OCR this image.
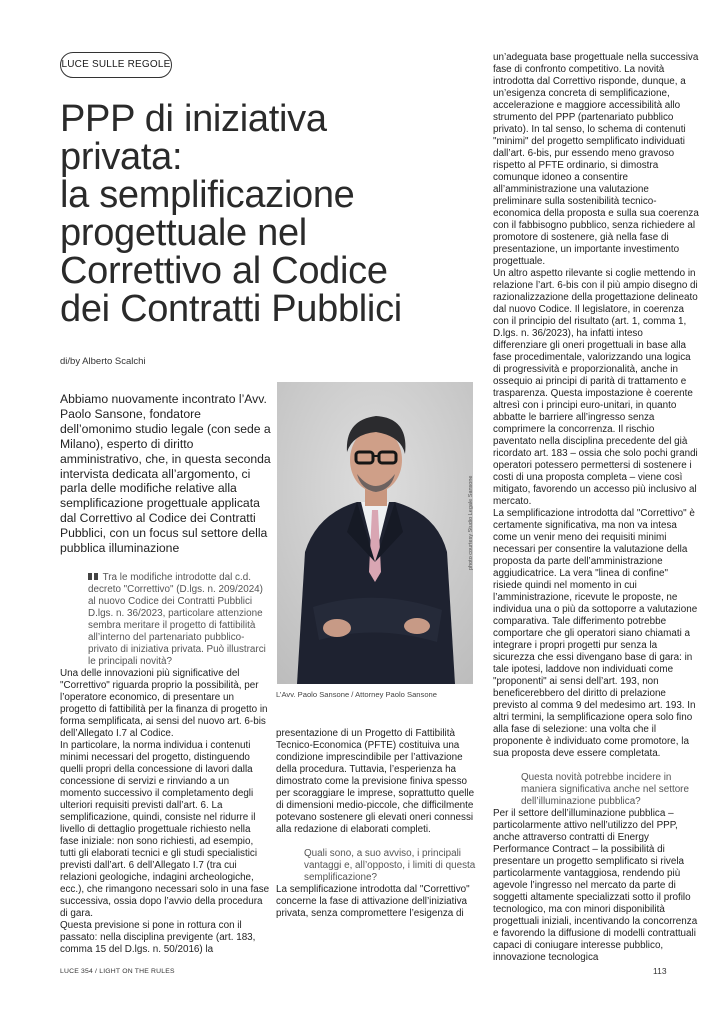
LUCE SULLE REGOLE
PPP di iniziativa
privata:
la semplificazione
progettuale nel
Correttivo al Codice
dei Contratti Pubblici
di/by Alberto Scalchi
Abbiamo nuovamente incontrato l’Avv. Paolo Sansone, fondatore dell’omonimo studio legale (con sede a Milano), esperto di diritto amministrativo, che, in questa seconda intervista dedicata all’argomento, ci parla delle modifiche relative alla semplificazione progettuale applicata dal Correttivo al Codice dei Contratti Pubblici, con un focus sul settore della pubblica illuminazione	photo courtesy Studio Legale Sansone
L’Avv. Paolo Sansone / Attorney Paolo Sansone

Tra le modifiche introdotte dal c.d. decreto "Correttivo" (D.lgs. n. 209/2024) al nuovo Codice dei Contratti Pubblici D.lgs. n. 36/2023, particolare attenzione sembra meritare il progetto di fattibilità all’interno del partenariato pubblico-privato di iniziativa privata. Può illustrarci le principali novità?

Una delle innovazioni più significative del "Correttivo" riguarda proprio la possibilità, per l’operatore economico, di presentare un progetto di fattibilità per la finanza di progetto in forma semplificata, ai sensi del nuovo art. 6-bis dell’Allegato I.7 al Codice.

In particolare, la norma individua i contenuti minimi necessari del progetto, distinguendo quelli propri della concessione di lavori dalla concessione di servizi e rinviando a un momento successivo il completamento degli ulteriori requisiti previsti dall’art. 6. La semplificazione, quindi, consiste nel ridurre il livello di dettaglio progettuale richiesto nella fase iniziale: non sono richiesti, ad esempio, tutti gli elaborati tecnici e gli studi specialistici previsti dall’art. 6 dell’Allegato I.7 (tra cui relazioni geologiche, indagini archeologiche, ecc.), che rimangono necessari solo in una fase successiva, ossia dopo l’avvio della procedura di gara.

Questa previsione si pone in rottura con il passato: nella disciplina previgente (art. 183, comma 15 del D.lgs. n. 50/2016) la

presentazione di un Progetto di Fattibilità Tecnico-Economica (PFTE) costituiva una condizione imprescindibile per l’attivazione della procedura. Tuttavia, l’esperienza ha dimostrato come la previsione finiva spesso per scoraggiare le imprese, soprattutto quelle di dimensioni medio-piccole, che difficilmente potevano sostenere gli elevati oneri connessi alla redazione di elaborati completi.

Quali sono, a suo avviso, i principali vantaggi e, all’opposto, i limiti di questa semplificazione?

La semplificazione introdotta dal "Correttivo" concerne la fase di attivazione dell’iniziativa privata, senza compromettere l’esigenza di

un’adeguata base progettuale nella successiva fase di confronto competitivo. La novità introdotta dal Correttivo risponde, dunque, a un’esigenza concreta di semplificazione, accelerazione e maggiore accessibilità allo strumento del PPP (partenariato pubblico privato). In tal senso, lo schema di contenuti "minimi" del progetto semplificato individuati dall’art. 6-bis, pur essendo meno gravoso rispetto al PFTE ordinario, si dimostra comunque idoneo a consentire all’amministrazione una valutazione preliminare sulla sostenibilità tecnico-economica della proposta e sulla sua coerenza con il fabbisogno pubblico, senza richiedere al promotore di sostenere, già nella fase di presentazione, un importante investimento progettuale.

Un altro aspetto rilevante si coglie mettendo in relazione l’art. 6-bis con il più ampio disegno di razionalizzazione della progettazione delineato dal nuovo Codice. Il legislatore, in coerenza con il principio del risultato (art. 1, comma 1, D.lgs. n. 36/2023), ha infatti inteso differenziare gli oneri progettuali in base alla fase procedimentale, valorizzando una logica di progressività e proporzionalità, anche in ossequio ai principi di parità di trattamento e trasparenza. Questa impostazione è coerente altresì con i principi euro-unitari, in quanto abbatte le barriere all’ingresso senza comprimere la concorrenza. Il rischio paventato nella disciplina precedente del già ricordato art. 183 – ossia che solo pochi grandi operatori potessero permettersi di sostenere i costi di una proposta completa – viene così mitigato, favorendo un accesso più inclusivo al mercato.

La semplificazione introdotta dal "Correttivo" è certamente significativa, ma non va intesa come un venir meno dei requisiti minimi necessari per consentire la valutazione della proposta da parte dell’amministrazione aggiudicatrice. La vera "linea di confine" risiede quindi nel momento in cui l’amministrazione, ricevute le proposte, ne individua una o più da sottoporre a valutazione comparativa. Tale differimento potrebbe comportare che gli operatori siano chiamati a integrare i propri progetti pur senza la sicurezza che essi divengano base di gara: in tale ipotesi, laddove non individuati come "proponenti" ai sensi dell’art. 193, non beneficerebbero del diritto di prelazione previsto al comma 9 del medesimo art. 193. In altri termini, la semplificazione opera solo fino alla fase di selezione: una volta che il proponente è individuato come promotore, la sua proposta deve essere completata.

Questa novità potrebbe incidere in maniera significativa anche nel settore dell’illuminazione pubblica?

Per il settore dell’illuminazione pubblica – particolarmente attivo nell’utilizzo del PPP, anche attraverso contratti di Energy Performance Contract – la possibilità di presentare un progetto semplificato si rivela particolarmente vantaggiosa, rendendo più agevole l’ingresso nel mercato da parte di soggetti altamente specializzati sotto il profilo tecnologico, ma con minori disponibilità progettuali iniziali, incentivando la concorrenza e favorendo la diffusione di modelli contrattuali capaci di coniugare interesse pubblico, innovazione tecnologica

LUCE 354 / LIGHT ON THE RULES	113
